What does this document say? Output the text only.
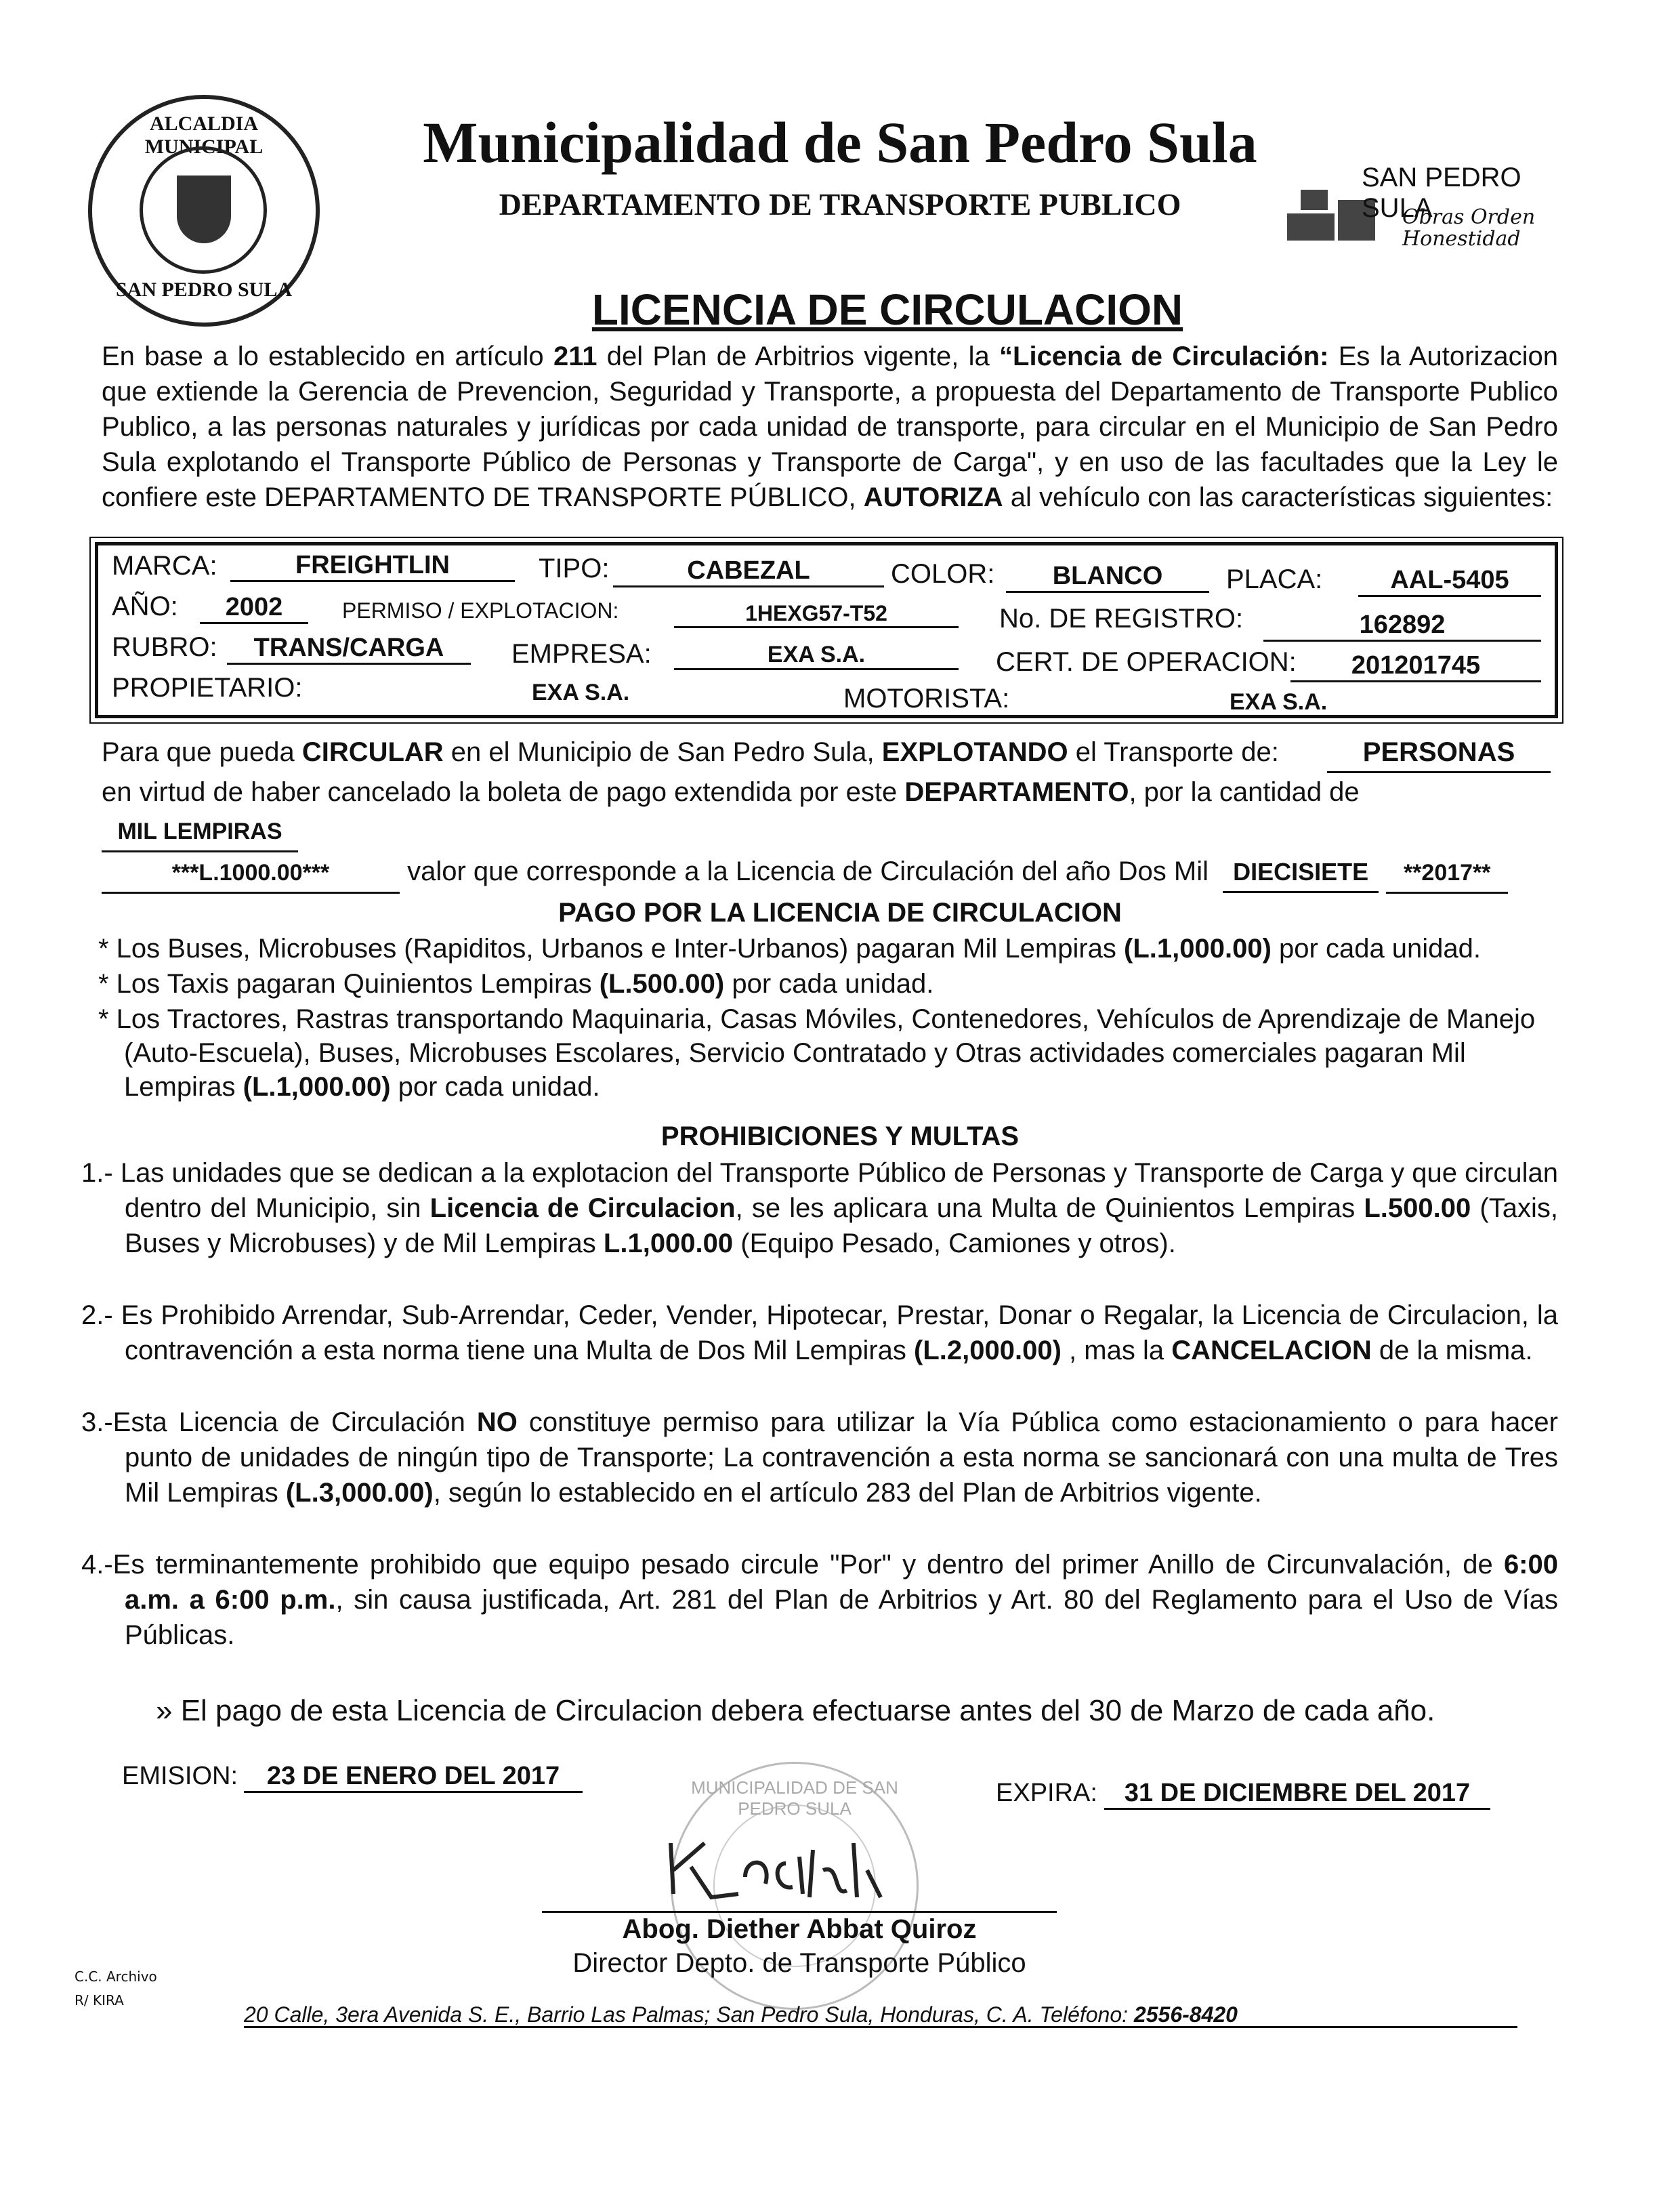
ALCALDIA MUNICIPAL
SAN PEDRO SULA
Municipalidad de San Pedro Sula
DEPARTAMENTO DE TRANSPORTE PUBLICO
SAN PEDRO SULA
Obras Orden
Honestidad
LICENCIA DE CIRCULACION
En base a lo establecido en artículo 211 del Plan de Arbitrios vigente, la “Licencia de Circulación: Es la Autorizacion que extiende la Gerencia de Prevencion, Seguridad y Transporte, a propuesta del Departamento de Transporte Publico Publico, a las personas naturales y jurídicas por cada unidad de transporte, para circular en el Municipio de San Pedro Sula explotando el Transporte Público de Personas y Transporte de Carga", y en uso de las facultades que la Ley le confiere este DEPARTAMENTO DE TRANSPORTE PÚBLICO, AUTORIZA al vehículo con las características siguientes:
MARCA:	FREIGHTLIN	TIPO:	CABEZAL	COLOR:	BLANCO	PLACA:	AAL-5405
AÑO:	2002	PERMISO / EXPLOTACION:	1HEXG57-T52	No. DE REGISTRO:	162892
RUBRO:	TRANS/CARGA	EMPRESA:	EXA S.A.	CERT. DE OPERACION:	201201745
PROPIETARIO:	EXA S.A.	MOTORISTA:	EXA S.A.
Para que pueda CIRCULAR en el Municipio de San Pedro Sula, EXPLOTANDO el Transporte de:	PERSONAS
en virtud de haber cancelado la boleta de pago extendida por este DEPARTAMENTO, por la cantidad de MIL LEMPIRAS
***L.1000.00***	valor que corresponde a la Licencia de Circulación del año Dos Mil DIECISIETE **2017**
PAGO POR LA LICENCIA DE CIRCULACION

* Los Buses, Microbuses (Rapiditos, Urbanos e Inter-Urbanos) pagaran Mil Lempiras (L.1,000.00) por cada unidad.

* Los Taxis pagaran Quinientos Lempiras (L.500.00) por cada unidad.

* Los Tractores, Rastras transportando Maquinaria, Casas Móviles, Contenedores, Vehículos de Aprendizaje de Manejo (Auto-Escuela), Buses, Microbuses Escolares, Servicio Contratado y Otras actividades comerciales pagaran Mil Lempiras (L.1,000.00) por cada unidad.

PROHIBICIONES Y MULTAS

1.- Las unidades que se dedican a la explotacion del Transporte Público de Personas y Transporte de Carga y que circulan dentro del Municipio, sin Licencia de Circulacion, se les aplicara una Multa de Quinientos Lempiras L.500.00 (Taxis, Buses y Microbuses) y de Mil Lempiras L.1,000.00 (Equipo Pesado, Camiones y otros).

2.- Es Prohibido Arrendar, Sub-Arrendar, Ceder, Vender, Hipotecar, Prestar, Donar o Regalar, la Licencia de Circulacion, la contravención a esta norma tiene una Multa de Dos Mil Lempiras (L.2,000.00) , mas la CANCELACION de la misma.

3.-Esta Licencia de Circulación NO constituye permiso para utilizar la Vía Pública como estacionamiento o para hacer punto de unidades de ningún tipo de Transporte; La contravención a esta norma se sancionará con una multa de Tres Mil Lempiras (L.3,000.00), según lo establecido en el artículo 283 del Plan de Arbitrios vigente.

4.-Es terminantemente prohibido que equipo pesado circule "Por" y dentro del primer Anillo de Circunvalación, de 6:00 a.m. a 6:00 p.m., sin causa justificada, Art. 281 del Plan de Arbitrios y Art. 80 del Reglamento para el Uso de Vías Públicas.

» El pago de esta Licencia de Circulacion debera efectuarse antes del 30 de Marzo de cada año.
EMISION:	23 DE ENERO DEL 2017
EXPIRA:	31 DE DICIEMBRE DEL 2017
MUNICIPALIDAD DE SAN PEDRO SULA
Abog. Diether Abbat Quiroz
Director Depto. de Transporte Público
C.C. Archivo
R/ KIRA
20 Calle, 3era Avenida S. E., Barrio Las Palmas; San Pedro Sula, Honduras, C. A. Teléfono: 2556-8420
